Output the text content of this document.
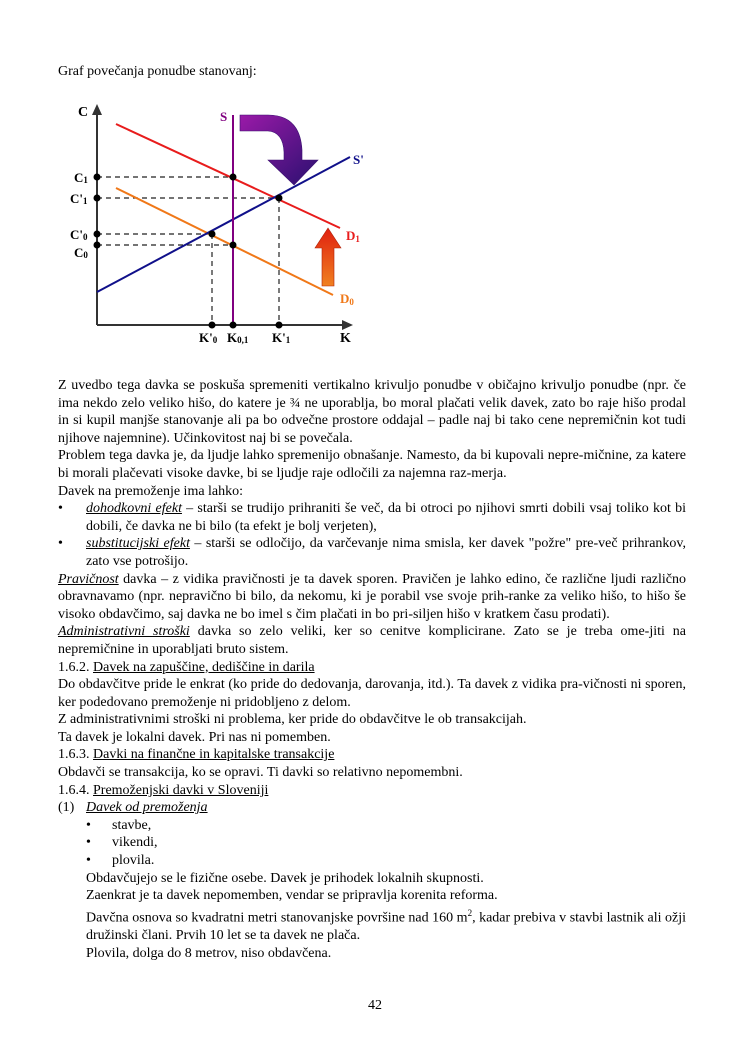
Graf povečanja ponudbe stanovanj:
C
K
S
S'
D1
D0
C1
C'1
C'0
C0
K'0 K0,1 K'1

Z uvedbo tega davka se poskuša spremeniti vertikalno krivuljo ponudbe v običajno krivuljo ponudbe (npr. če ima nekdo zelo veliko hišo, do katere je ¾ ne uporablja, bo moral plačati velik davek, zato bo raje hišo prodal in si kupil manjše stanovanje ali pa bo odvečne prostore oddajal – padle naj bi tako cene nepremičnin kot tudi njihove najemnine). Učinkovitost naj bi se povečala.

Problem tega davka je, da ljudje lahko spremenijo obnašanje. Namesto, da bi kupovali nepre-mičnine, za katere bi morali plačevati visoke davke, bi se ljudje raje odločili za najemna raz-merja.

Davek na premoženje ima lahko:

• dohodkovni efekt – starši se trudijo prihraniti še več, da bi otroci po njihovi smrti dobili vsaj toliko kot bi dobili, če davka ne bi bilo (ta efekt je bolj verjeten),
• substitucijski efekt – starši se odločijo, da varčevanje nima smisla, ker davek "požre" pre-več prihrankov, zato vse potrošijo.

Pravičnost davka – z vidika pravičnosti je ta davek sporen. Pravičen je lahko edino, če različne ljudi različno obravnavamo (npr. nepravično bi bilo, da nekomu, ki je porabil vse svoje prih-ranke za veliko hišo, to hišo še visoko obdavčimo, saj davka ne bo imel s čim plačati in bo pri-siljen hišo v kratkem času prodati).

Administrativni stroški davka so zelo veliki, ker so cenitve komplicirane. Zato se je treba ome-jiti na nepremičnine in uporabljati bruto sistem.

1.6.2. Davek na zapuščine, dediščine in darila

Do obdavčitve pride le enkrat (ko pride do dedovanja, darovanja, itd.). Ta davek z vidika pra-vičnosti ni sporen, ker podedovano premoženje ni pridobljeno z delom.

Z administrativnimi stroški ni problema, ker pride do obdavčitve le ob transakcijah.

Ta davek je lokalni davek. Pri nas ni pomemben.

1.6.3. Davki na finančne in kapitalske transakcije

Obdavči se transakcija, ko se opravi. Ti davki so relativno nepomembni.

1.6.4. Premoženjski davki v Sloveniji

(1) Davek od premoženja

• stavbe,
• vikendi,
• plovila.

Obdavčujejo se le fizične osebe. Davek je prihodek lokalnih skupnosti.

Zaenkrat je ta davek nepomemben, vendar se pripravlja korenita reforma.

Davčna osnova so kvadratni metri stanovanjske površine nad 160 $m^2$, kadar prebiva v stavbi lastnik ali ožji družinski člani. Prvih 10 let se ta davek ne plača.

Plovila, dolga do 8 metrov, niso obdavčena.

42
